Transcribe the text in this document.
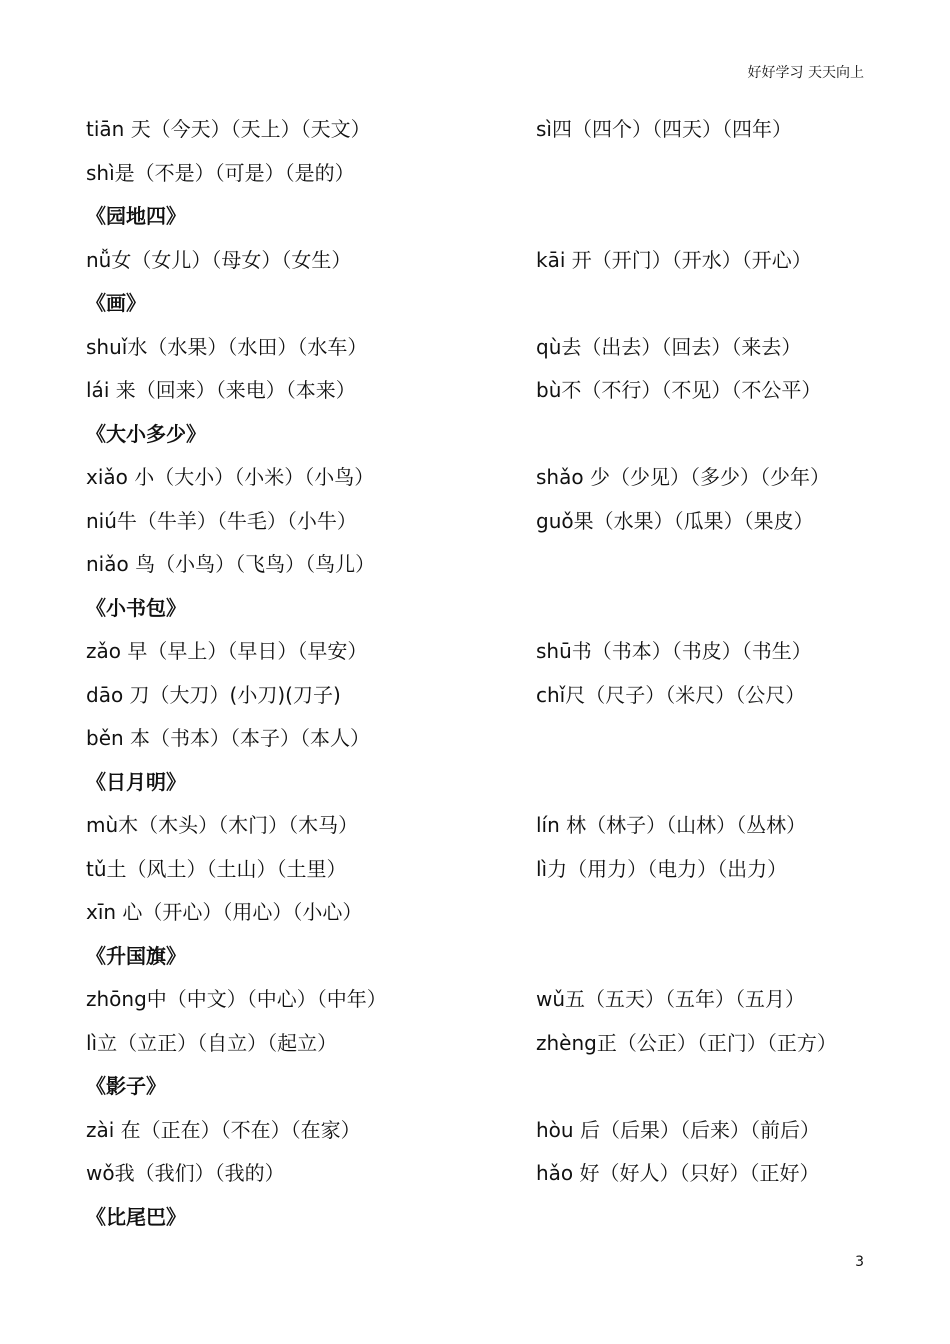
好好学习 天天向上
tiān 天（今天）（天上）（天文）	sì四（四个）（四天）（四年）
shì是（不是）（可是）（是的）
《园地四》
nǚ女（女儿）（母女）（女生）	kāi 开（开门）（开水）（开心）
《画》
shuǐ水（水果）（水田）（水车）	qù去（出去）（回去）（来去）
lái 来（回来）（来电）（本来）	bù不（不行）（不见）（不公平）
《大小多少》
xiǎo 小（大小）（小米）（小鸟）	shǎo 少（少见）（多少）（少年）
niú牛（牛羊）（牛毛）（小牛）	guǒ果（水果）（瓜果）（果皮）
niǎo 鸟（小鸟）（飞鸟）（鸟儿）
《小书包》
zǎo 早（早上）（早日）（早安）	shū书（书本）（书皮）（书生）
dāo 刀（大刀）(小刀)(刀子)	chǐ尺（尺子）（米尺）（公尺）
běn 本（书本）（本子）（本人）
《日月明》
mù木（木头）（木门）（木马）	lín 林（林子）（山林）（丛林）
tǔ土（风土）（土山）（土里）	lì力（用力）（电力）（出力）
xīn 心（开心）（用心）（小心）
《升国旗》
zhōng中（中文）（中心）（中年）	wǔ五（五天）（五年）（五月）
lì立（立正）（自立）（起立）	zhèng正（公正）（正门）（正方）
《影子》
zài 在（正在）（不在）（在家）	hòu 后（后果）（后来）（前后）
wǒ我（我们）（我的）	hǎo 好（好人）（只好）（正好）
《比尾巴》
3
